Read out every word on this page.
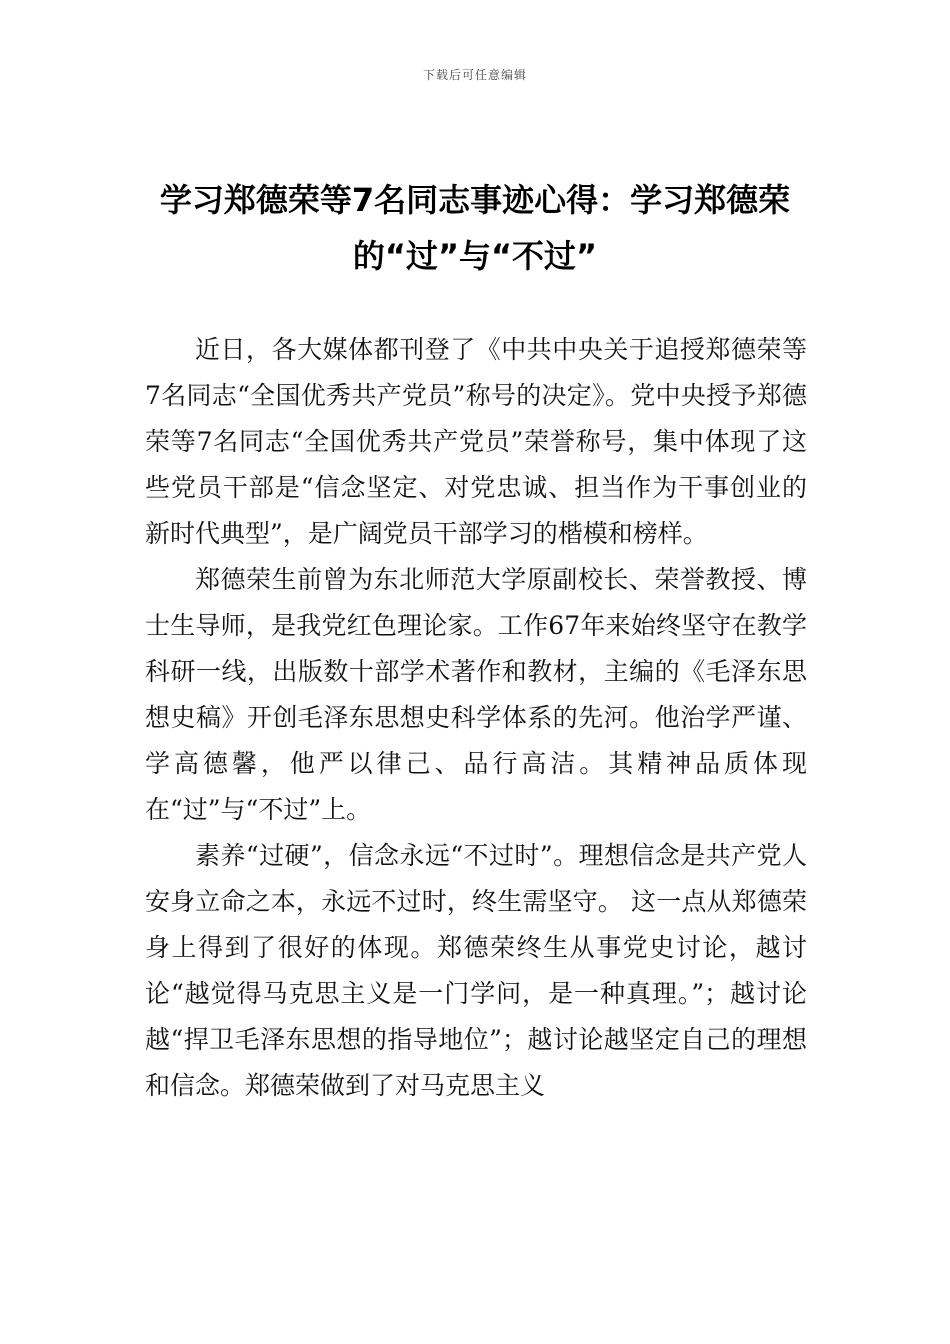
下载后可任意编辑
学习郑德荣等7名同志事迹心得：学习郑德荣的“过”与“不过”

近日，各大媒体都刊登了《中共中央关于追授郑德荣等7名同志“全国优秀共产党员”称号的决定》。党中央授予郑德荣等7名同志“全国优秀共产党员”荣誉称号，集中体现了这些党员干部是“信念坚定、对党忠诚、担当作为干事创业的新时代典型”，是广阔党员干部学习的楷模和榜样。

郑德荣生前曾为东北师范大学原副校长、荣誉教授、博士生导师，是我党红色理论家。工作67年来始终坚守在教学科研一线，出版数十部学术著作和教材，主编的《毛泽东思想史稿》开创毛泽东思想史科学体系的先河。他治学严谨、学高德馨，他严以律己、品行高洁。其精神品质体现在“过”与“不过”上。

素养“过硬”，信念永远“不过时”。理想信念是共产党人安身立命之本，永远不过时，终生需坚守。 这一点从郑德荣身上得到了很好的体现。郑德荣终生从事党史讨论，越讨论“越觉得马克思主义是一门学问，是一种真理。”；越讨论越“捍卫毛泽东思想的指导地位”；越讨论越坚定自己的理想和信念。郑德荣做到了对马克思主义
